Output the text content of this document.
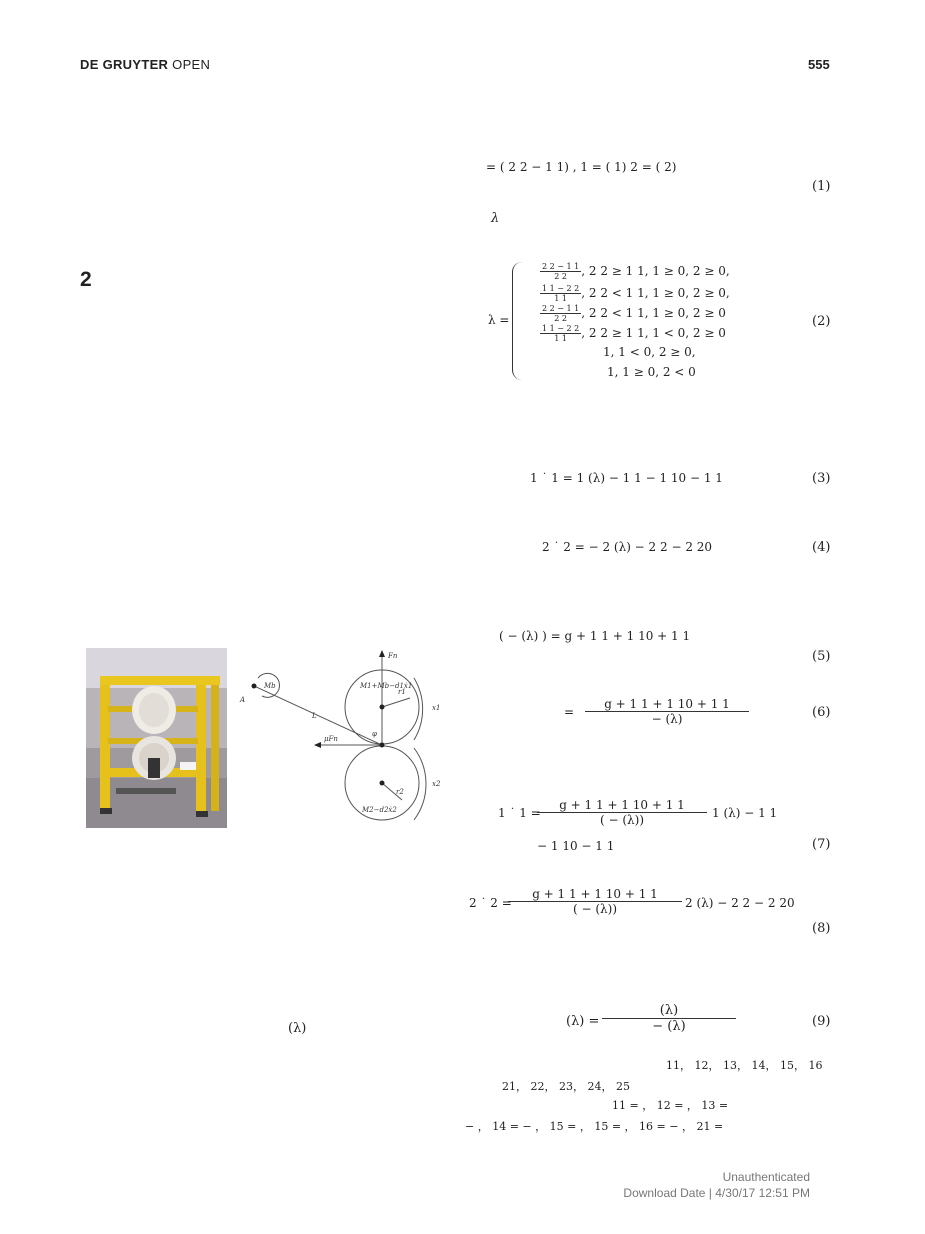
DE GRUYTER OPEN	555
2
= ( 2 2 − 1 1) , 1 = ( 1) 2 = ( 2)
(1)
λ
λ =
$\frac{2 2 - 1 1}{2 2}$ , 2 2 ≥ 1 1, 1 ≥ 0, 2 ≥ 0,
$\frac{1 1 - 2 2}{1 1}$ , 2 2 < 1 1, 1 ≥ 0, 2 ≥ 0,
$\frac{2 2 - 1 1}{2 2}$ , 2 2 < 1 1, 1 ≥ 0, 2 ≥ 0
$\frac{1 1 - 2 2}{1 1}$ , 2 2 ≥ 1 1, 1 < 0, 2 ≥ 0
1, 1 < 0, 2 ≥ 0,
1, 1 ≥ 0, 2 < 0
(2)
1 ˙ 1 = 1 (λ) − 1 1 − 1 10 − 1 1	(3)
2 ˙ 2 = − 2 (λ) − 2 2 − 2 20	(4)
( − (λ) ) = g + 1 1 + 1 10 + 1 1
(5)
= $\frac{g + 1 1 + 1 10 + 1 1}{- (\lambda)}$	(6)
1 ˙ 1 =
$\frac{g + 1 1 + 1 10 + 1 1}{( - (\lambda))} 1$ (λ) − 1 1
− 1 10 − 1 1	(7)
2 ˙ 2 =
$\frac{g + 1 1 + 1 10 + 1 1}{( - (\lambda))} 2$ (λ) − 2 2 − 2 20
(8)
(λ)	$(\lambda) = \frac{(\lambda)}{- (\lambda)}$	(9)
11， 12， 13， 14， 15， 16
21， 22， 23， 24， 25
11 = ， 12 = ， 13 =
− ， 14 = − ， 15 = ， 15 = ， 16 = − ， 21 =
Mb
A
L
Fn
μFn
φ
r1
r2
x1
x2
M1+Mb−d1ẋ1
M2−d2ẋ2
Unauthenticated
Download Date | 4/30/17 12:51 PM
